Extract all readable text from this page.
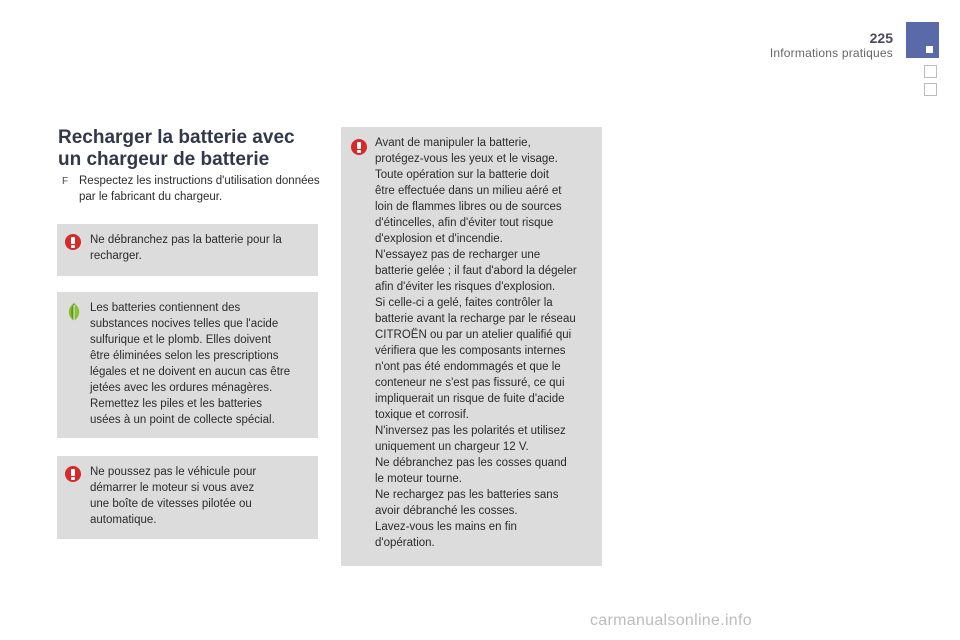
225
Informations pratiques
Recharger la batterie avec
un chargeur de batterie
F Respectez les instructions d'utilisation données par le fabricant du chargeur.
Ne débranchez pas la batterie pour la recharger.
Les batteries contiennent des
substances nocives telles que l'acide
sulfurique et le plomb. Elles doivent
être éliminées selon les prescriptions
légales et ne doivent en aucun cas être
jetées avec les ordures ménagères.
Remettez les piles et les batteries
usées à un point de collecte spécial.
Ne poussez pas le véhicule pour
démarrer le moteur si vous avez
une boîte de vitesses pilotée ou
automatique.
Avant de manipuler la batterie,
protégez-vous les yeux et le visage.
Toute opération sur la batterie doit
être effectuée dans un milieu aéré et
loin de flammes libres ou de sources
d'étincelles, afin d'éviter tout risque
d'explosion et d'incendie.
N'essayez pas de recharger une
batterie gelée ; il faut d'abord la dégeler
afin d'éviter les risques d'explosion.
Si celle-ci a gelé, faites contrôler la
batterie avant la recharge par le réseau
CITROËN ou par un atelier qualifié qui
vérifiera que les composants internes
n'ont pas été endommagés et que le
conteneur ne s'est pas fissuré, ce qui
impliquerait un risque de fuite d'acide
toxique et corrosif.
N'inversez pas les polarités et utilisez
uniquement un chargeur 12 V.
Ne débranchez pas les cosses quand
le moteur tourne.
Ne rechargez pas les batteries sans
avoir débranché les cosses.
Lavez-vous les mains en fin
d'opération.
carmanualsonline.info
